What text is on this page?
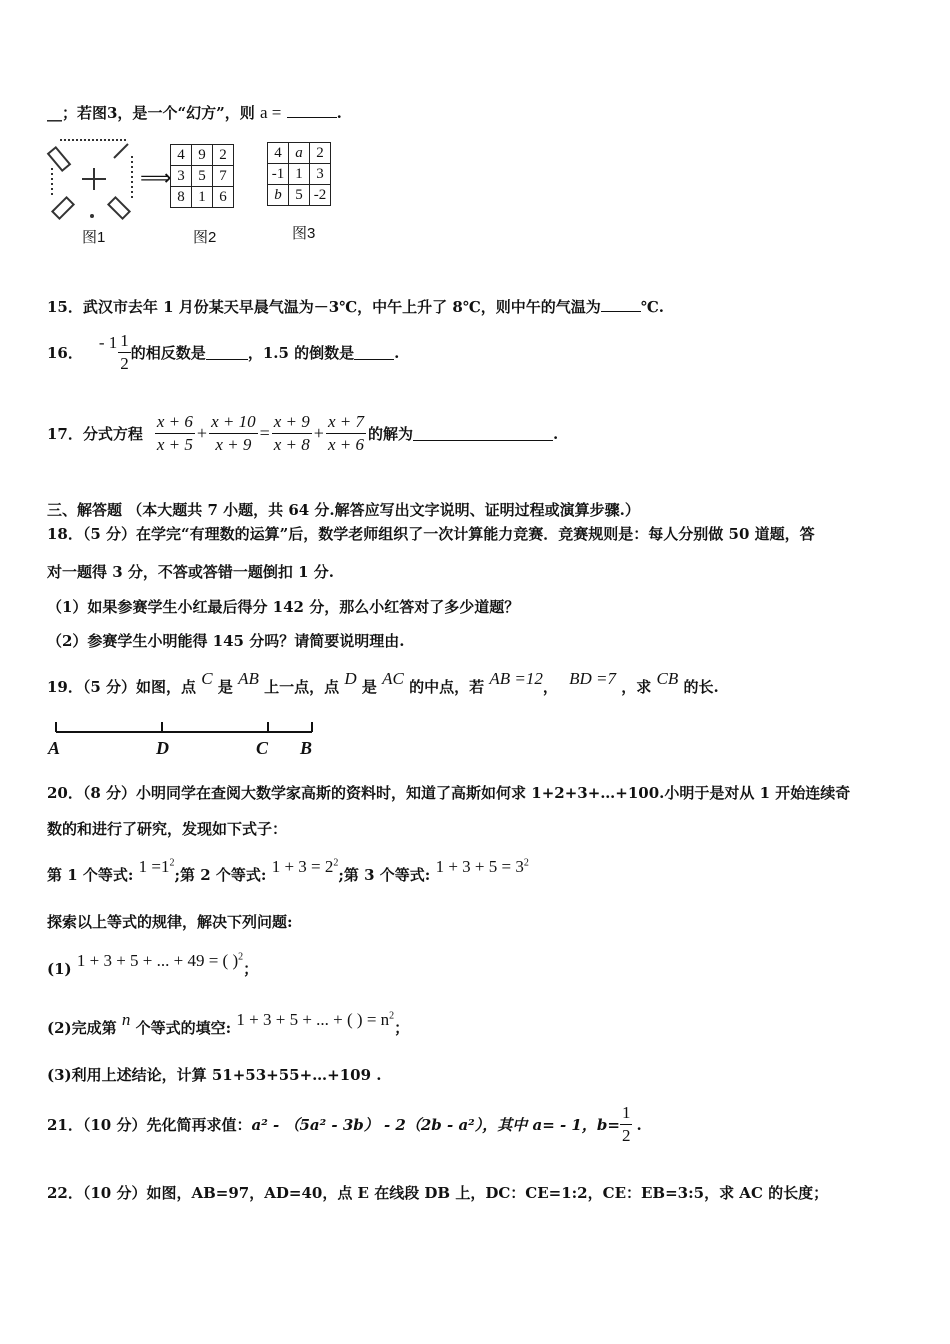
__；若图3，是一个“幻方”，则 a =	.
图1
⟹
4	9	2
3	5	7
8	1	6
图2
4	a	2
-1	1	3
b	5	-2
图3
15．武汉市去年 1 月份某天早晨气温为－3℃，中午上升了 8℃，则中午的气温为	℃.
16．
- $1 \frac{1}{2}$ 的相反数是	，1.5 的倒数是	.
17．分式方程 $\frac{x + 6}{x + 5} + \frac{x + 10}{x + 9} = \frac{x + 9}{x + 8} + \frac{x + 7}{x + 6}$ 的解为	.
三、解答题 （本大题共 7 小题，共 64 分.解答应写出文字说明、证明过程或演算步骤.）
18．（5 分）在学完“有理数的运算”后，数学老师组织了一次计算能力竞赛．竞赛规则是：每人分别做 50 道题，答
对一题得 3 分，不答或答错一题倒扣 1 分.
（1）如果参赛学生小红最后得分 142 分，那么小红答对了多少道题？
（2）参赛学生小明能得 145 分吗？请简要说明理由.
19．（5 分）如图，点 C 是 AB 上一点，点 D 是 AC 的中点，若 AB =12， BD =7 ，求 CB 的长.
A	D	C B
20．（8 分）小明同学在查阅大数学家高斯的资料时，知道了高斯如何求 1+2+3+…+100.小明于是对从 1 开始连续奇
数的和进行了研究，发现如下式子：
第 1 个等式: $1 =1^2$;第 2 个等式: $1 + 3 = 2^2$;第 3 个等式: $1 + 3 + 5 = 3^2$
探索以上等式的规律，解决下列问题:
(1) 1 + 3 + 5 + ... + 49 = ( )$^2$；
(2)完成第 n 个等式的填空: 1 + 3 + 5 + ... + ( ) = $n^2$；
(3)利用上述结论，计算 51+53+55+…+109 .
21．（10 分）先化简再求值： a² - （5a² - 3b） - 2（2b - a²），其中 a= - 1，$b= \frac{1}{2}$ .
22．（10 分）如图，AB=97，AD=40，点 E 在线段 DB 上，DC：CE=1:2，CE：EB=3:5，求 AC 的长度；
